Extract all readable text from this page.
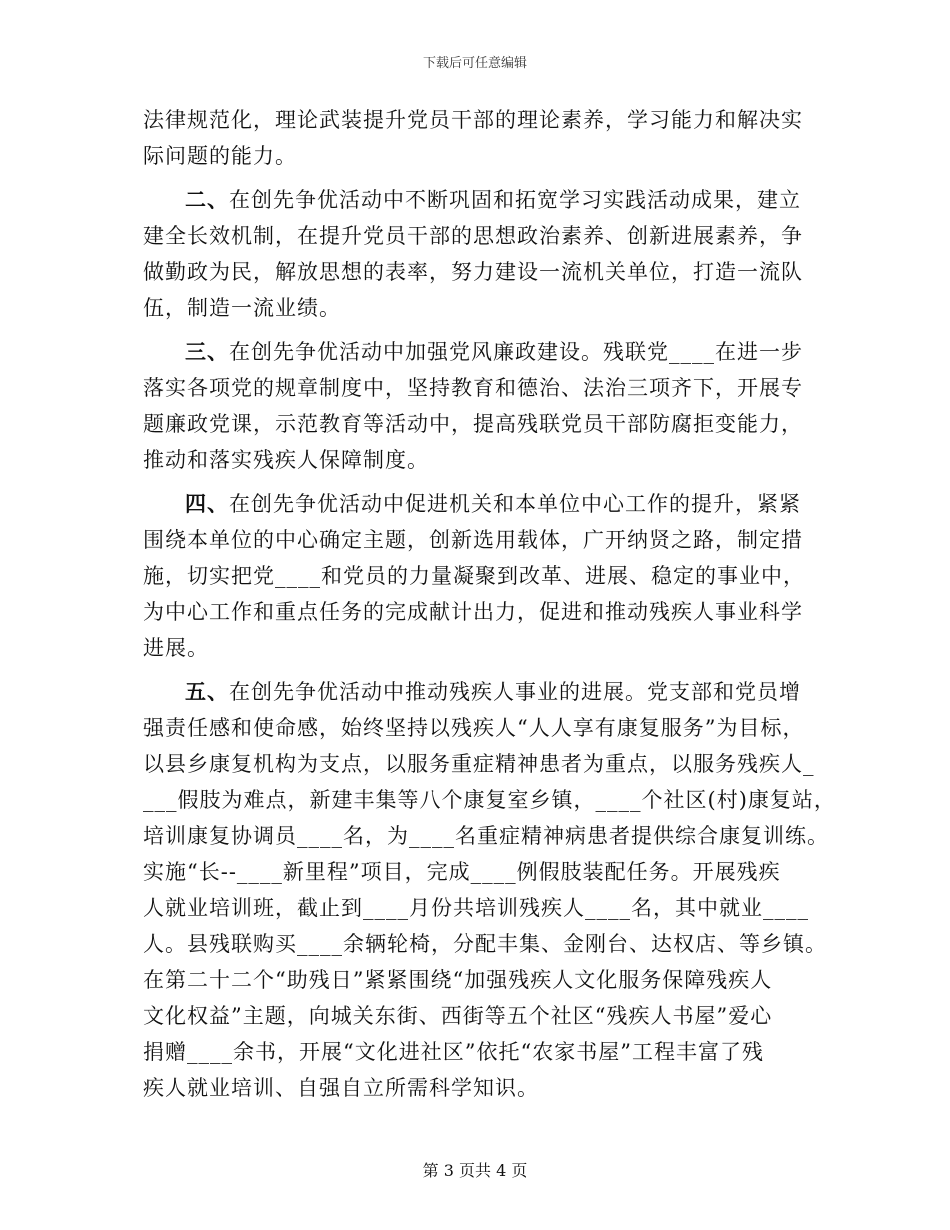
下载后可任意编辑
法律规范化，理论武装提升党员干部的理论素养，学习能力和解决实
际问题的能力。
二、在创先争优活动中不断巩固和拓宽学习实践活动成果，建立
建全长效机制，在提升党员干部的思想政治素养、创新进展素养，争
做勤政为民，解放思想的表率，努力建设一流机关单位，打造一流队
伍，制造一流业绩。
三、在创先争优活动中加强党风廉政建设。残联党____在进一步
落实各项党的规章制度中，坚持教育和德治、法治三项齐下，开展专
题廉政党课，示范教育等活动中，提高残联党员干部防腐拒变能力，
推动和落实残疾人保障制度。
四、在创先争优活动中促进机关和本单位中心工作的提升，紧紧
围绕本单位的中心确定主题，创新选用载体，广开纳贤之路，制定措
施，切实把党____和党员的力量凝聚到改革、进展、稳定的事业中，
为中心工作和重点任务的完成献计出力，促进和推动残疾人事业科学
进展。
五、在创先争优活动中推动残疾人事业的进展。党支部和党员增
强责任感和使命感，始终坚持以残疾人“人人享有康复服务”为目标，
以县乡康复机构为支点，以服务重症精神患者为重点，以服务残疾人_
___假肢为难点，新建丰集等八个康复室乡镇，____个社区(村)康复站，
培训康复协调员____名，为____名重症精神病患者提供综合康复训练。
实施“长--____新里程”项目，完成____例假肢装配任务。开展残疾
人就业培训班，截止到____月份共培训残疾人____名，其中就业____
人。县残联购买____余辆轮椅，分配丰集、金刚台、达权店、等乡镇。
在第二十二个“助残日”紧紧围绕“加强残疾人文化服务保障残疾人
文化权益”主题，向城关东街、西街等五个社区“残疾人书屋”爱心
捐赠____余书，开展“文化进社区”依托“农家书屋”工程丰富了残
疾人就业培训、自强自立所需科学知识。
第 3 页共 4 页
